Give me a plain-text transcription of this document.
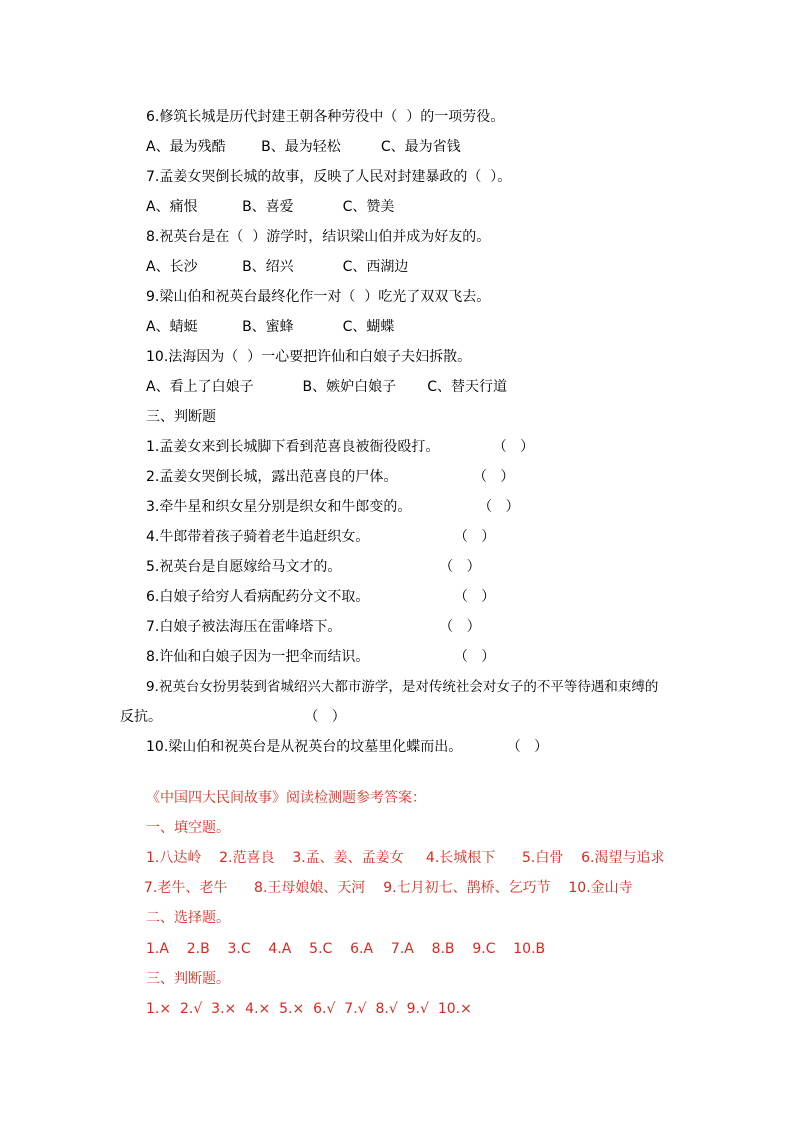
6.修筑长城是历代封建王朝各种劳役中（  ）的一项劳役。
A、最为残酷        B、最为轻松         C、最为省钱
7.孟姜女哭倒长城的故事，反映了人民对封建暴政的（  ）。
A、痛恨          B、喜爱           C、赞美
8.祝英台是在（  ）游学时，结识梁山伯并成为好友的。
A、长沙          B、绍兴           C、西湖边
9.梁山伯和祝英台最终化作一对（  ）吃光了双双飞去。
A、蜻蜓          B、蜜蜂           C、蝴蝶
10.法海因为（  ）一心要把许仙和白娘子夫妇拆散。
A、看上了白娘子           B、嫉妒白娘子       C、替天行道
三、判断题
1.孟姜女来到长城脚下看到范喜良被衙役殴打。            （   ）
2.孟姜女哭倒长城，露出范喜良的尸体。                 （   ）
3.牵牛星和织女星分别是织女和牛郎变的。               （   ）
4.牛郎带着孩子骑着老牛追赶织女。                   （   ）
5.祝英台是自愿嫁给马文才的。                      （   ）
6.白娘子给穷人看病配药分文不取。                   （   ）
7.白娘子被法海压在雷峰塔下。                      （   ）
8.许仙和白娘子因为一把伞而结识。                   （   ）
9.祝英台女扮男装到省城绍兴大都市游学，是对传统社会对女子的不平等待遇和束缚的
反抗。                                （   ）
10.梁山伯和祝英台是从祝英台的坟墓里化蝶而出。          （   ）
《中国四大民间故事》阅读检测题参考答案：
一、填空题。
1.八达岭    2.范喜良    3.孟、姜、孟姜女     4.长城根下      5.白骨    6.渴望与追求
7.老牛、老牛      8.王母娘娘、天河    9.七月初七、鹊桥、乞巧节    10.金山寺
二、选择题。
1.A    2.B    3.C    4.A    5.C    6.A    7.A    8.B    9.C    10.B
三、判断题。
1.×  2.√  3.×  4.×  5.×  6.√  7.√  8.√  9.√  10.×
